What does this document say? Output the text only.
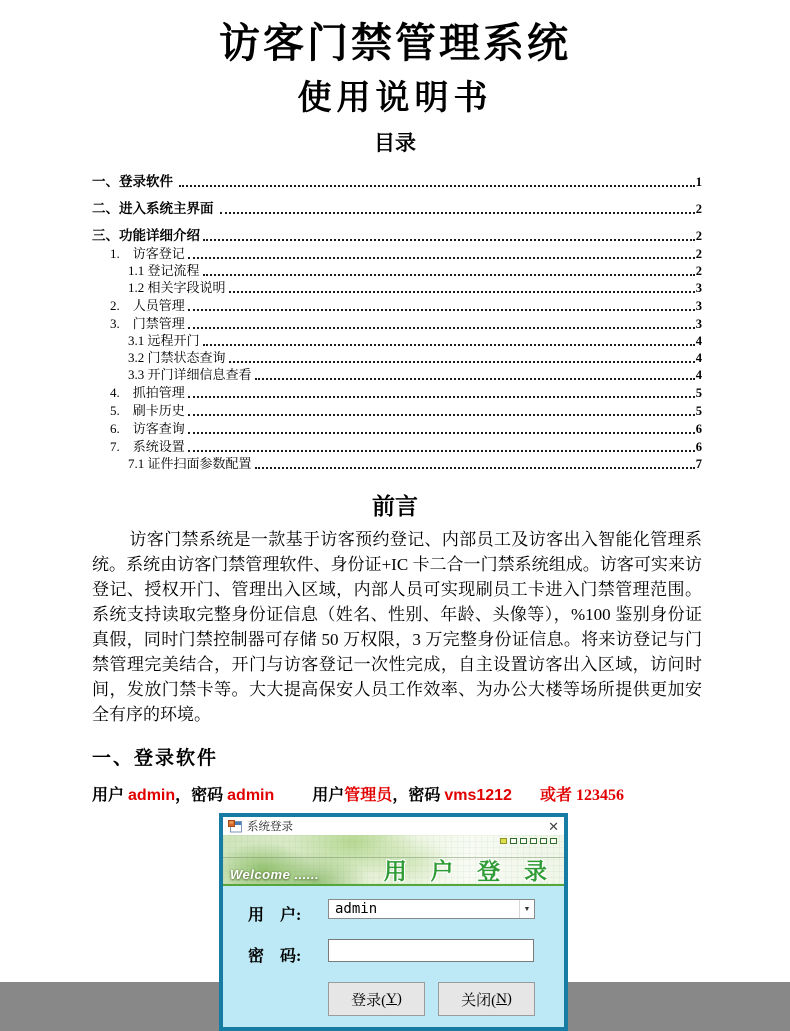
访客门禁管理系统
使用说明书
目录
一、登录软件	1
二、进入系统主界面	2
三、功能详细介绍	2
1.    访客登记	2
1.1 登记流程	2
1.2 相关字段说明	3
2.    人员管理	3
3.    门禁管理	3
3.1 远程开门	4
3.2 门禁状态查询	4
3.3 开门详细信息查看	4
4.    抓拍管理	5
5.    刷卡历史	5
6.    访客查询	6
7.    系统设置	6
7.1 证件扫面参数配置	7
前言

访客门禁系统是一款基于访客预约登记、内部员工及访客出入智能化管理系统。系统由访客门禁管理软件、身份证+IC 卡二合一门禁系统组成。访客可实来访登记、授权开门、管理出入区域，内部人员可实现刷员工卡进入门禁管理范围。系统支持读取完整身份证信息（姓名、性别、年龄、头像等），%100 鉴别身份证真假，同时门禁控制器可存储 50 万权限，3 万完整身份证信息。将来访登记与门禁管理完美结合，开门与访客登记一次性完成，自主设置访客出入区域，访问时间，发放门禁卡等。大大提高保安人员工作效率、为办公大楼等场所提供更加安全有序的环境。

一、登录软件
用户 admin，密码 admin 用户管理员，密码 vms1212 或者 123456
系统登录	✕
Welcome ......	用 户 登 录
用　户:	admin	▼
密　码:
登录( Y )	关闭( N )
